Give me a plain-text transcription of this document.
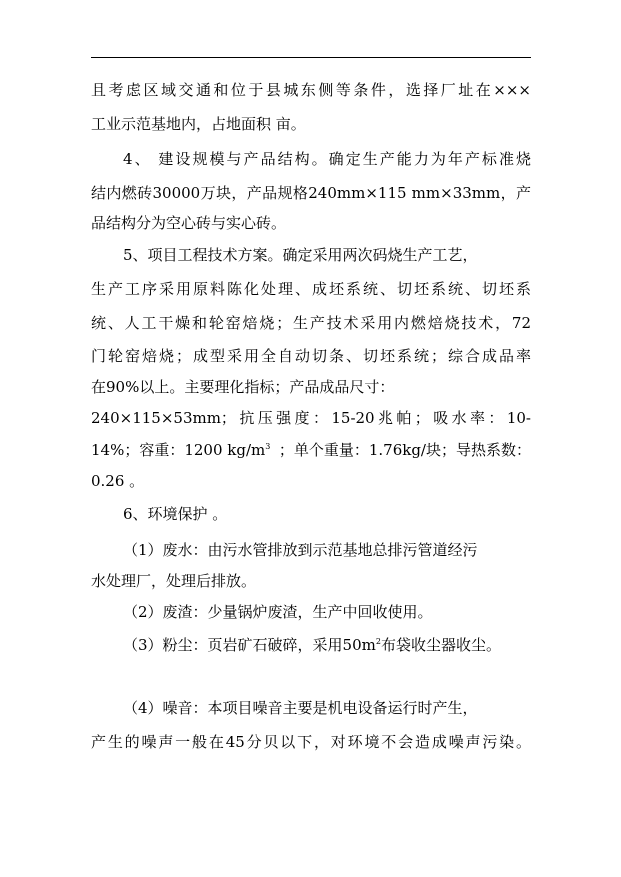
且考虑区域交通和位于县城东侧等条件，选择厂址在×××
工业示范基地内，占地面积 亩。
4、 建设规模与产品结构。确定生产能力为年产标准烧
结内燃砖30000万块，产品规格240mm×115 mm×33mm，产
品结构分为空心砖与实心砖。
5、项目工程技术方案。确定采用两次码烧生产工艺，
生产工序采用原料陈化处理、成坯系统、切坯系统、切坯系
统、人工干燥和轮窑焙烧；生产技术采用内燃焙烧技术，72
门轮窑焙烧；成型采用全自动切条、切坯系统；综合成品率
在90%以上。主要理化指标；产品成品尺寸：
240×115×53mm；抗压强度：15-20兆帕；吸水率：10-
14%；容重：1200 $kg/m^3$ ；单个重量：1.76kg/块；导热系数：
0.26 。
6、环境保护 。
（1）废水：由污水管排放到示范基地总排污管道经污
水处理厂，处理后排放。
（2）废渣：少量锅炉废渣，生产中回收使用。
（3）粉尘：页岩矿石破碎，采用$50m^2$布袋收尘器收尘。
（4）噪音：本项目噪音主要是机电设备运行时产生，
产生的噪声一般在45分贝以下，对环境不会造成噪声污染。
